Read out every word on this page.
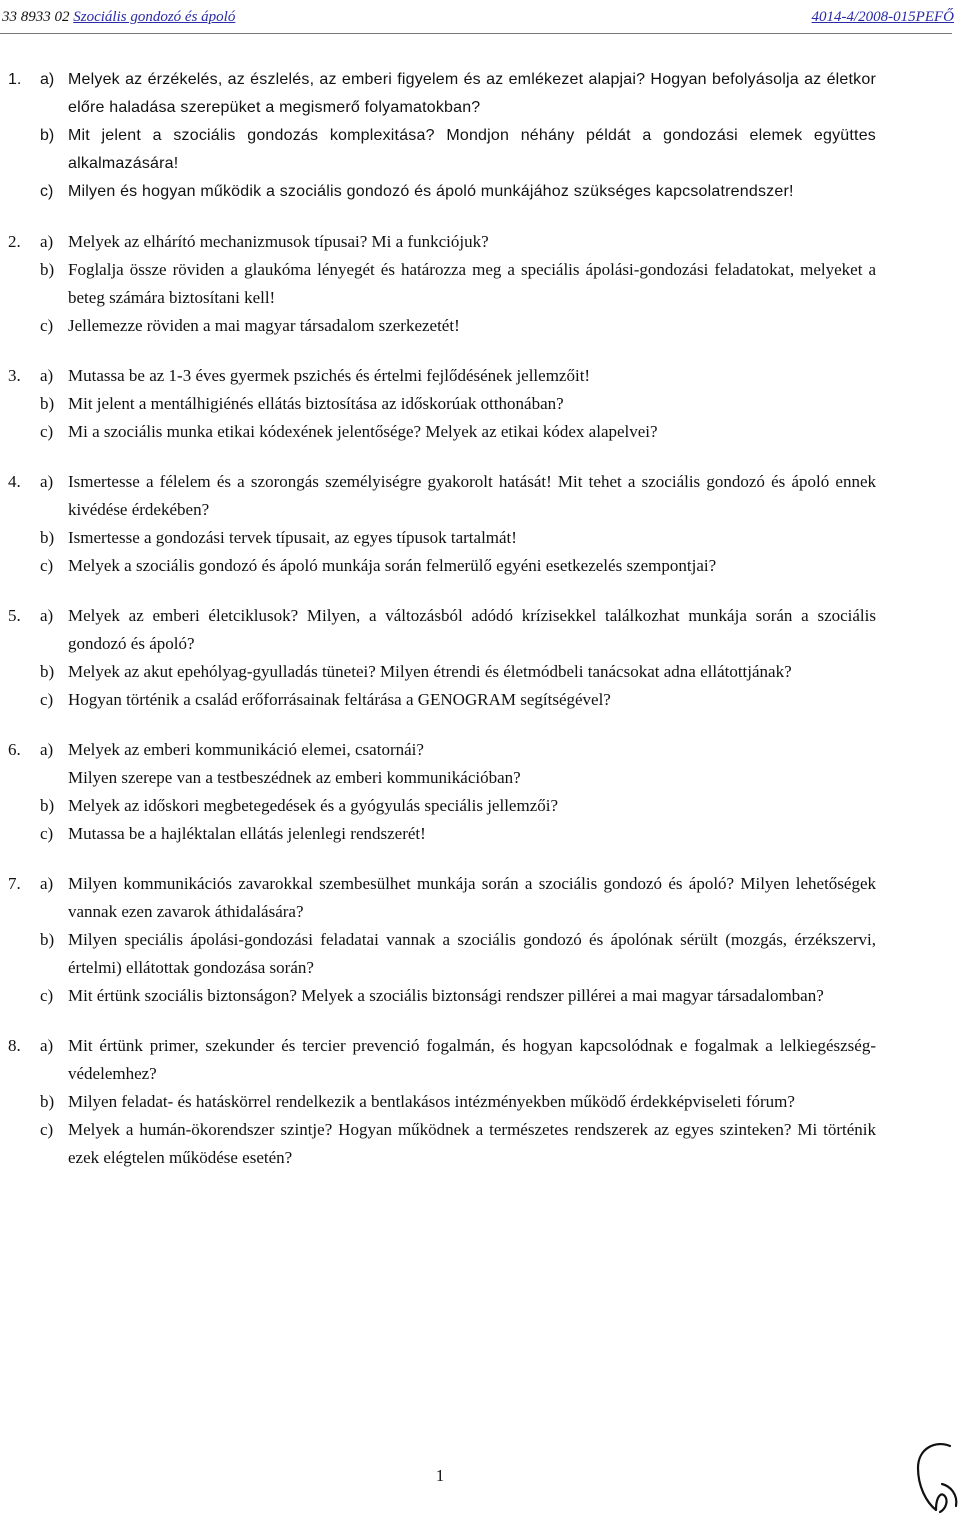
33 8933 02 Szociális gondozó és ápoló	4014-4/2008-015PEFŐ
1. a) Melyek az érzékelés, az észlelés, az emberi figyelem és az emlékezet alapjai? Hogyan befolyásolja az életkor előre haladása szerepüket a megismerő folyamatokban?

b) Mit jelent a szociális gondozás komplexitása? Mondjon néhány példát a gondozási elemek együttes alkalmazására!

c) Milyen és hogyan működik a szociális gondozó és ápoló munkájához szükséges kapcsolatrendszer!

2. a) Melyek az elhárító mechanizmusok típusai? Mi a funkciójuk?

b) Foglalja össze röviden a glaukóma lényegét és határozza meg a speciális ápolási-gondozási feladatokat, melyeket a beteg számára biztosítani kell!

c) Jellemezze röviden a mai magyar társadalom szerkezetét!

3. a) Mutassa be az 1-3 éves gyermek pszichés és értelmi fejlődésének jellemzőit!

b) Mit jelent a mentálhigiénés ellátás biztosítása az időskorúak otthonában?

c) Mi a szociális munka etikai kódexének jelentősége? Melyek az etikai kódex alapelvei?

4. a) Ismertesse a félelem és a szorongás személyiségre gyakorolt hatását! Mit tehet a szociális gondozó és ápoló ennek kivédése érdekében?

b) Ismertesse a gondozási tervek típusait, az egyes típusok tartalmát!

c) Melyek a szociális gondozó és ápoló munkája során felmerülő egyéni esetkezelés szempontjai?

5. a) Melyek az emberi életciklusok? Milyen, a változásból adódó krízisekkel találkozhat munkája során a szociális gondozó és ápoló?

b) Melyek az akut epehólyag-gyulladás tünetei? Milyen étrendi és életmódbeli tanácsokat adna ellátottjának?

c) Hogyan történik a család erőforrásainak feltárása a GENOGRAM segítségével?

6. a) Melyek az emberi kommunikáció elemei, csatornái?

Milyen szerepe van a testbeszédnek az emberi kommunikációban?

b) Melyek az időskori megbetegedések és a gyógyulás speciális jellemzői?

c) Mutassa be a hajléktalan ellátás jelenlegi rendszerét!

7. a) Milyen kommunikációs zavarokkal szembesülhet munkája során a szociális gondozó és ápoló? Milyen lehetőségek vannak ezen zavarok áthidalására?

b) Milyen speciális ápolási-gondozási feladatai vannak a szociális gondozó és ápolónak sérült (mozgás, érzékszervi, értelmi) ellátottak gondozása során?

c) Mit értünk szociális biztonságon? Melyek a szociális biztonsági rendszer pillérei a mai magyar társadalomban?

8. a) Mit értünk primer, szekunder és tercier prevenció fogalmán, és hogyan kapcsolódnak e fogalmak a lelkiegészség-védelemhez?

b) Milyen feladat- és hatáskörrel rendelkezik a bentlakásos intézményekben működő érdekképviseleti fórum?

c) Melyek a humán-ökorendszer szintje? Hogyan működnek a természetes rendszerek az egyes szinteken? Mi történik ezek elégtelen működése esetén?

1
